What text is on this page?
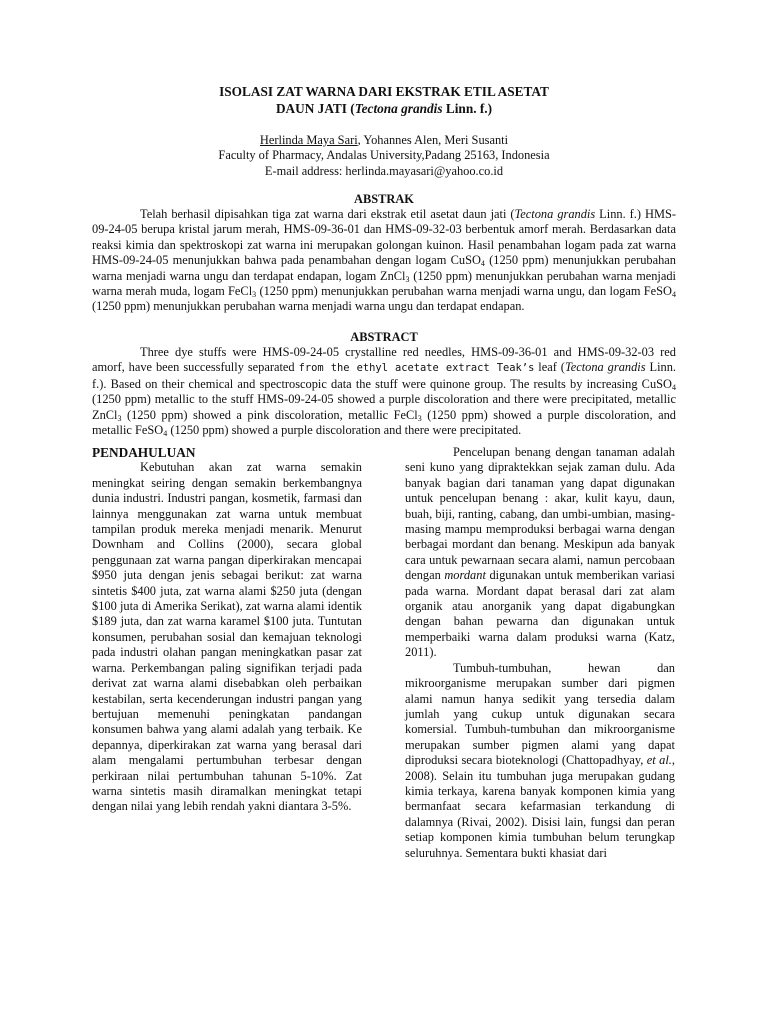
ISOLASI ZAT WARNA DARI EKSTRAK ETIL ASETAT
DAUN JATI (Tectona grandis Linn. f.)

Herlinda Maya Sari, Yohannes Alen, Meri Susanti
Faculty of Pharmacy, Andalas University,Padang 25163, Indonesia
E-mail address: herlinda.mayasari@yahoo.co.id
ABSTRAK

Telah berhasil dipisahkan tiga zat warna dari ekstrak etil asetat daun jati (Tectona grandis Linn. f.) HMS-09-24-05 berupa kristal jarum merah, HMS-09-36-01 dan HMS-09-32-03 berbentuk amorf merah. Berdasarkan data reaksi kimia dan spektroskopi zat warna ini merupakan golongan kuinon. Hasil penambahan logam pada zat warna HMS-09-24-05 menunjukkan bahwa pada penambahan dengan logam CuSO$_4$ (1250 ppm) menunjukkan perubahan warna menjadi warna ungu dan terdapat endapan, logam ZnCl$_3$ (1250 ppm) menunjukkan perubahan warna menjadi warna merah muda, logam FeCl$_3$ (1250 ppm) menunjukkan perubahan warna menjadi warna ungu, dan logam FeSO$_4$ (1250 ppm) menunjukkan perubahan warna menjadi warna ungu dan terdapat endapan.

ABSTRACT

Three dye stuffs were HMS-09-24-05 crystalline red needles, HMS-09-36-01 and HMS-09-32-03 red amorf, have been successfully separated from the ethyl acetate extract Teak’s leaf (Tectona grandis Linn. f.). Based on their chemical and spectroscopic data the stuff were quinone group. The results by increasing CuSO$_4$ (1250 ppm) metallic to the stuff HMS-09-24-05 showed a purple discoloration and there were precipitated, metallic ZnCl$_3$ (1250 ppm) showed a pink discoloration, metallic FeCl$_3$ (1250 ppm) showed a purple discoloration, and metallic FeSO$_4$ (1250 ppm) showed a purple discoloration and there were precipitated.

PENDAHULUAN

Kebutuhan akan zat warna semakin meningkat seiring dengan semakin berkembangnya dunia industri. Industri pangan, kosmetik, farmasi dan lainnya menggunakan zat warna untuk membuat tampilan produk mereka menjadi menarik. Menurut Downham and Collins (2000), secara global penggunaan zat warna pangan diperkirakan mencapai $950 juta dengan jenis sebagai berikut: zat warna sintetis $400 juta, zat warna alami $250 juta (dengan $100 juta di Amerika Serikat), zat warna alami identik $189 juta, dan zat warna karamel $100 juta. Tuntutan konsumen, perubahan sosial dan kemajuan teknologi pada industri olahan pangan meningkatkan pasar zat warna. Perkembangan paling signifikan terjadi pada derivat zat warna alami disebabkan oleh perbaikan kestabilan, serta kecenderungan industri pangan yang bertujuan memenuhi peningkatan pandangan konsumen bahwa yang alami adalah yang terbaik. Ke depannya, diperkirakan zat warna yang berasal dari alam mengalami pertumbuhan terbesar dengan perkiraan nilai pertumbuhan tahunan 5-10%. Zat warna sintetis masih diramalkan meningkat tetapi dengan nilai yang lebih rendah yakni diantara 3-5%.

Pencelupan benang dengan tanaman adalah seni kuno yang dipraktekkan sejak zaman dulu. Ada banyak bagian dari tanaman yang dapat digunakan untuk pencelupan benang : akar, kulit kayu, daun, buah, biji, ranting, cabang, dan umbi-umbian, masing-masing mampu memproduksi berbagai warna dengan berbagai mordant dan benang. Meskipun ada banyak cara untuk pewarnaan secara alami, namun percobaan dengan mordant digunakan untuk memberikan variasi pada warna. Mordant dapat berasal dari zat alam organik atau anorganik yang dapat digabungkan dengan bahan pewarna dan digunakan untuk memperbaiki warna dalam produksi warna (Katz, 2011).

Tumbuh-tumbuhan, hewan dan mikroorganisme merupakan sumber dari pigmen alami namun hanya sedikit yang tersedia dalam jumlah yang cukup untuk digunakan secara komersial. Tumbuh-tumbuhan dan mikroorganisme merupakan sumber pigmen alami yang dapat diproduksi secara bioteknologi (Chattopadhyay, et al., 2008). Selain itu tumbuhan juga merupakan gudang kimia terkaya, karena banyak komponen kimia yang bermanfaat secara kefarmasian terkandung di dalamnya (Rivai, 2002). Disisi lain, fungsi dan peran setiap komponen kimia tumbuhan belum terungkap seluruhnya. Sementara bukti khasiat dari
